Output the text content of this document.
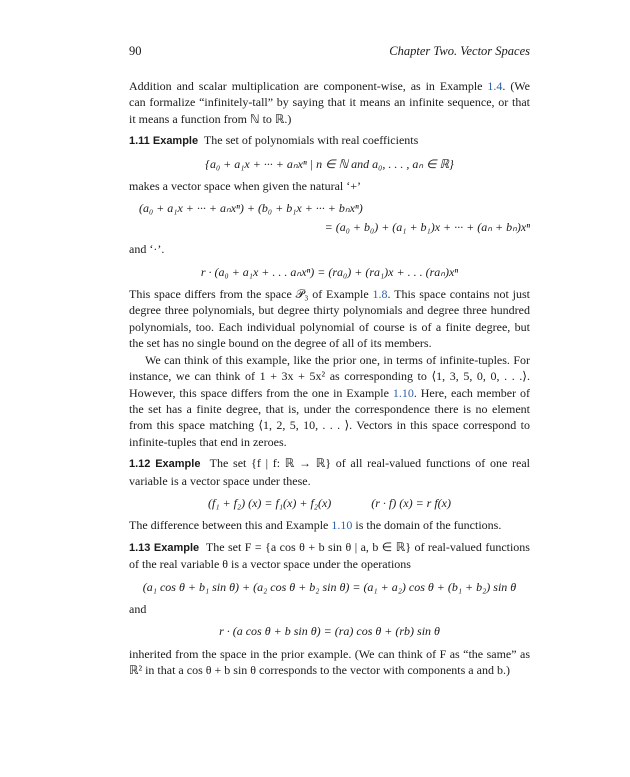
90	Chapter Two. Vector Spaces

Addition and scalar multiplication are component-wise, as in Example 1.4. (We can formalize “infinitely-tall” by saying that it means an infinite sequence, or that it means a function from ℕ to ℝ.)

1.11 Example The set of polynomials with real coefficients

{a₀ + a₁x + ··· + aₙxⁿ | n ∈ ℕ and a₀, . . . , aₙ ∈ ℝ}

makes a vector space when given the natural ‘+’

(a₀ + a₁x + ··· + aₙxⁿ) + (b₀ + b₁x + ··· + bₙxⁿ)
= (a₀ + b₀) + (a₁ + b₁)x + ··· + (aₙ + bₙ)xⁿ

and ‘·’.

r · (a₀ + a₁x + . . . aₙxⁿ) = (ra₀) + (ra₁)x + . . . (raₙ)xⁿ

This space differs from the space 𝒫₃ of Example 1.8. This space contains not just degree three polynomials, but degree thirty polynomials and degree three hundred polynomials, too. Each individual polynomial of course is of a finite degree, but the set has no single bound on the degree of all of its members.

We can think of this example, like the prior one, in terms of infinite-tuples. For instance, we can think of 1 + 3x + 5x² as corresponding to ⟨1, 3, 5, 0, 0, . . .⟩. However, this space differs from the one in Example 1.10. Here, each member of the set has a finite degree, that is, under the correspondence there is no element from this space matching ⟨1, 2, 5, 10, . . . ⟩. Vectors in this space correspond to infinite-tuples that end in zeroes.

1.12 Example The set {f | f: ℝ → ℝ} of all real-valued functions of one real variable is a vector space under these.

(f₁ + f₂) (x) = f₁(x) + f₂(x)	(r · f) (x) = r f(x)

The difference between this and Example 1.10 is the domain of the functions.

1.13 Example The set F = {a cos θ + b sin θ | a, b ∈ ℝ} of real-valued functions of the real variable θ is a vector space under the operations

(a₁ cos θ + b₁ sin θ) + (a₂ cos θ + b₂ sin θ) = (a₁ + a₂) cos θ + (b₁ + b₂) sin θ

and

r · (a cos θ + b sin θ) = (ra) cos θ + (rb) sin θ

inherited from the space in the prior example. (We can think of F as “the same” as ℝ² in that a cos θ + b sin θ corresponds to the vector with components a and b.)
